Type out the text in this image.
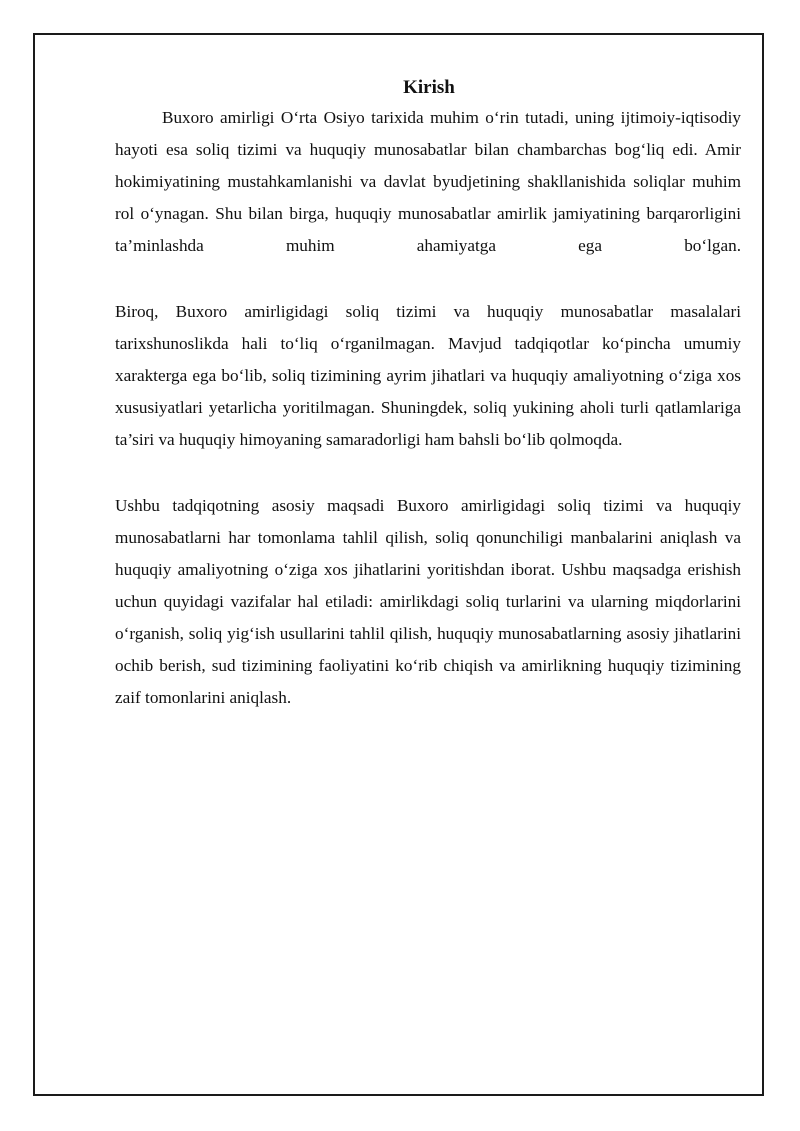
Kirish

Buxoro amirligi O‘rta Osiyo tarixida muhim o‘rin tutadi, uning ijtimoiy-iqtisodiy hayoti esa soliq tizimi va huquqiy munosabatlar bilan chambarchas bog‘liq edi. Amir hokimiyatining mustahkamlanishi va davlat byudjetining shakllanishida soliqlar muhim rol o‘ynagan. Shu bilan birga, huquqiy munosabatlar amirlik jamiyatining barqarorligini ta’minlashda muhim ahamiyatga ega bo‘lgan.

Biroq, Buxoro amirligidagi soliq tizimi va huquqiy munosabatlar masalalari tarixshunoslikda hali to‘liq o‘rganilmagan. Mavjud tadqiqotlar ko‘pincha umumiy xarakterga ega bo‘lib, soliq tizimining ayrim jihatlari va huquqiy amaliyotning o‘ziga xos xususiyatlari yetarlicha yoritilmagan. Shuningdek, soliq yukining aholi turli qatlamlariga ta’siri va huquqiy himoyaning samaradorligi ham bahsli bo‘lib qolmoqda.

Ushbu tadqiqotning asosiy maqsadi Buxoro amirligidagi soliq tizimi va huquqiy munosabatlarni har tomonlama tahlil qilish, soliq qonunchiligi manbalarini aniqlash va huquqiy amaliyotning o‘ziga xos jihatlarini yoritishdan iborat. Ushbu maqsadga erishish uchun quyidagi vazifalar hal etiladi: amirlikdagi soliq turlarini va ularning miqdorlarini o‘rganish, soliq yig‘ish usullarini tahlil qilish, huquqiy munosabatlarning asosiy jihatlarini ochib berish, sud tizimining faoliyatini ko‘rib chiqish va amirlikning huquqiy tizimining zaif tomonlarini aniqlash.
